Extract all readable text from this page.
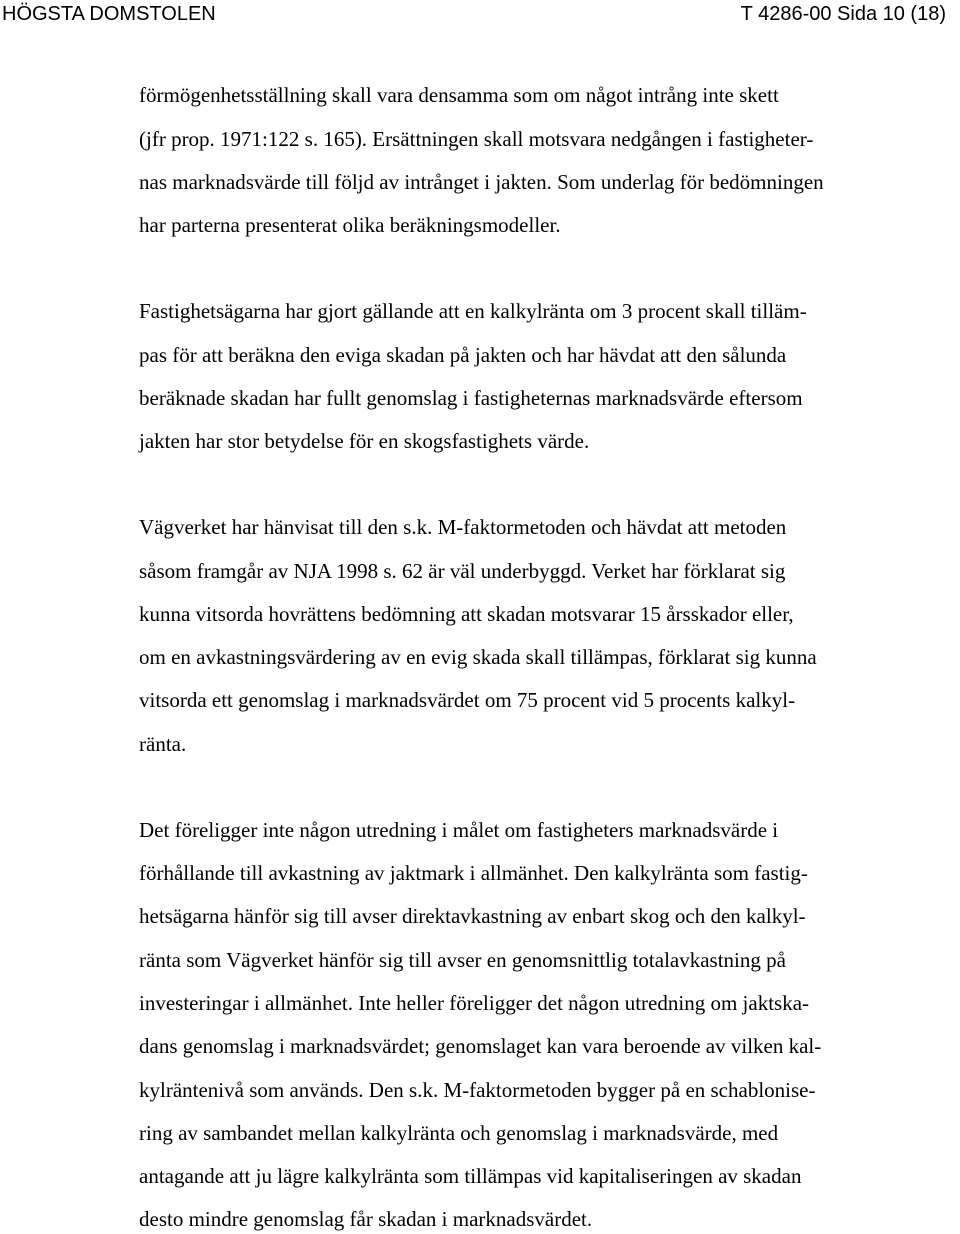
HÖGSTA DOMSTOLEN	T 4286-00 Sida 10 (18)
förmögenhetsställning skall vara densamma som om något intrång inte skett
(jfr prop. 1971:122 s. 165). Ersättningen skall motsvara nedgången i fastigheter-
nas marknadsvärde till följd av intrånget i jakten. Som underlag för bedömningen
har parterna presenterat olika beräkningsmodeller.
Fastighetsägarna har gjort gällande att en kalkylränta om 3 procent skall tilläm-
pas för att beräkna den eviga skadan på jakten och har hävdat att den sålunda
beräknade skadan har fullt genomslag i fastigheternas marknadsvärde eftersom
jakten har stor betydelse för en skogsfastighets värde.
Vägverket har hänvisat till den s.k. M-faktormetoden och hävdat att metoden
såsom framgår av NJA 1998 s. 62 är väl underbyggd. Verket har förklarat sig
kunna vitsorda hovrättens bedömning att skadan motsvarar 15 årsskador eller,
om en avkastningsvärdering av en evig skada skall tillämpas, förklarat sig kunna
vitsorda ett genomslag i marknadsvärdet om 75 procent vid 5 procents kalkyl-
ränta.
Det föreligger inte någon utredning i målet om fastigheters marknadsvärde i
förhållande till avkastning av jaktmark i allmänhet. Den kalkylränta som fastig-
hetsägarna hänför sig till avser direktavkastning av enbart skog och den kalkyl-
ränta som Vägverket hänför sig till avser en genomsnittlig totalavkastning på
investeringar i allmänhet. Inte heller föreligger det någon utredning om jaktska-
dans genomslag i marknadsvärdet; genomslaget kan vara beroende av vilken kal-
kylräntenivå som används. Den s.k. M-faktormetoden bygger på en schablonise-
ring av sambandet mellan kalkylränta och genomslag i marknadsvärde, med
antagande att ju lägre kalkylränta som tillämpas vid kapitaliseringen av skadan
desto mindre genomslag får skadan i marknadsvärdet.
